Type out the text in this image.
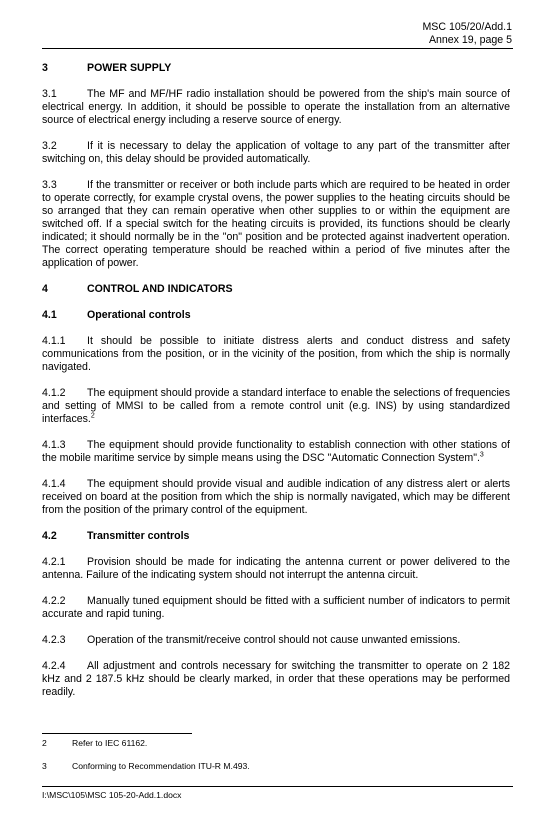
MSC 105/20/Add.1
Annex 19, page 5
3	POWER SUPPLY
3.1	The MF and MF/HF radio installation should be powered from the ship's main source of electrical energy. In addition, it should be possible to operate the installation from an alternative source of electrical energy including a reserve source of energy.
3.2	If it is necessary to delay the application of voltage to any part of the transmitter after switching on, this delay should be provided automatically.
3.3	If the transmitter or receiver or both include parts which are required to be heated in order to operate correctly, for example crystal ovens, the power supplies to the heating circuits should be so arranged that they can remain operative when other supplies to or within the equipment are switched off. If a special switch for the heating circuits is provided, its functions should be clearly indicated; it should normally be in the "on" position and be protected against inadvertent operation. The correct operating temperature should be reached within a period of five minutes after the application of power.
4	CONTROL AND INDICATORS
4.1	Operational controls
4.1.1 It should be possible to initiate distress alerts and conduct distress and safety communications from the position, or in the vicinity of the position, from which the ship is normally navigated.
4.1.2 The equipment should provide a standard interface to enable the selections of frequencies and setting of MMSI to be called from a remote control unit (e.g. INS) by using standardized interfaces.$^2$
4.1.3 The equipment should provide functionality to establish connection with other stations of the mobile maritime service by simple means using the DSC "Automatic Connection System".$^3$
4.1.4 The equipment should provide visual and audible indication of any distress alert or alerts received on board at the position from which the ship is normally navigated, which may be different from the position of the primary control of the equipment.
4.2	Transmitter controls
4.2.1 Provision should be made for indicating the antenna current or power delivered to the antenna. Failure of the indicating system should not interrupt the antenna circuit.
4.2.2 Manually tuned equipment should be fitted with a sufficient number of indicators to permit accurate and rapid tuning.
4.2.3 Operation of the transmit/receive control should not cause unwanted emissions.
4.2.4 All adjustment and controls necessary for switching the transmitter to operate on 2 182 kHz and 2 187.5 kHz should be clearly marked, in order that these operations may be performed readily.
2	Refer to IEC 61162.
3	Conforming to Recommendation ITU-R M.493.
I:\MSC\105\MSC 105-20-Add.1.docx
